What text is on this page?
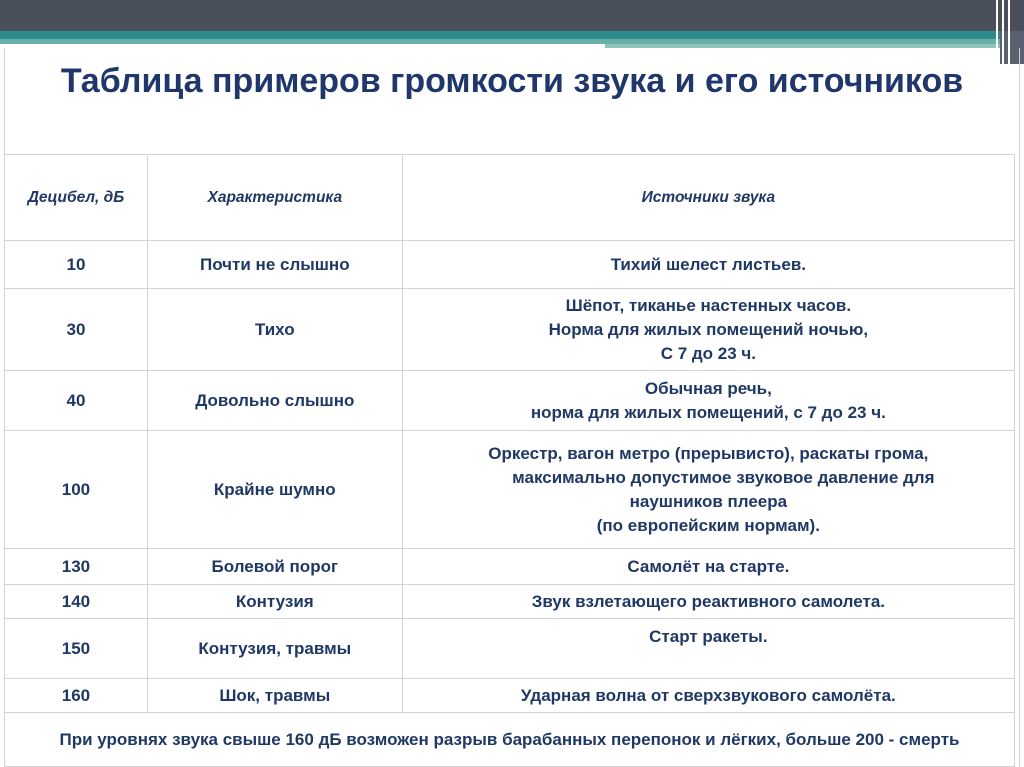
Таблица примеров громкости звука и его источников
Децибел, дБ	Характеристика	Источники звука
10	Почти не слышно	Тихий шелест листьев.

30	Тихо	Шёпот, тиканье настенных часов.
Норма для жилых помещений ночью,
С 7 до 23 ч.

40	Довольно слышно	Обычная речь,
норма для жилых помещений, с 7 до 23 ч.

100	Крайне шумно	Оркестр, вагон метро (прерывисто), раскаты грома,
максимально допустимое звуковое давление для
наушников плеера
(по европейским нормам).

130	Болевой порог	Самолёт на старте.

140	Контузия	Звук взлетающего реактивного самолета.

150	Контузия, травмы	Старт ракеты.

160	Шок, травмы	Ударная волна от сверхзвукового самолёта.

При уровнях звука свыше 160 дБ возможен разрыв барабанных перепонок и лёгких, больше 200 - смерть		
